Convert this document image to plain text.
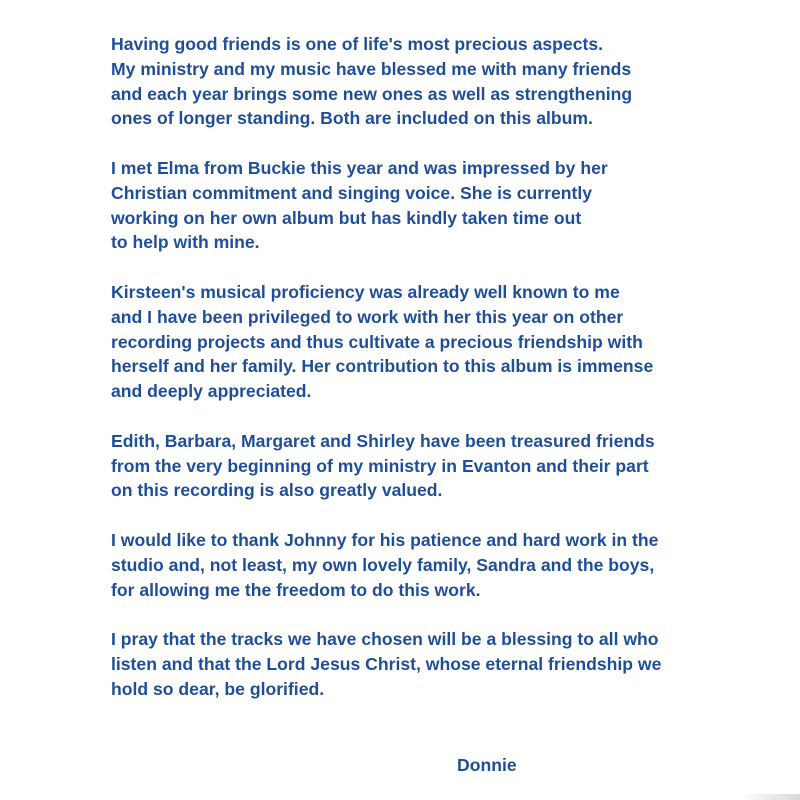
Having good friends is one of life's most precious aspects.
My ministry and my music have blessed me with many friends
and each year brings some new ones as well as strengthening
ones of longer standing. Both are included on this album.

I met Elma from Buckie this year and was impressed by her
Christian commitment and singing voice. She is currently
working on her own album but has kindly taken time out
to help with mine.

Kirsteen's musical proficiency was already well known to me
and I have been privileged to work with her this year on other
recording projects and thus cultivate a precious friendship with
herself and her family. Her contribution to this album is immense
and deeply appreciated.

Edith, Barbara, Margaret and Shirley have been treasured friends
from the very beginning of my ministry in Evanton and their part
on this recording is also greatly valued.

I would like to thank Johnny for his patience and hard work in the
studio and, not least, my own lovely family, Sandra and the boys,
for allowing me the freedom to do this work.

I pray that the tracks we have chosen will be a blessing to all who
listen and that the Lord Jesus Christ, whose eternal friendship we
hold so dear, be glorified.

Donnie
